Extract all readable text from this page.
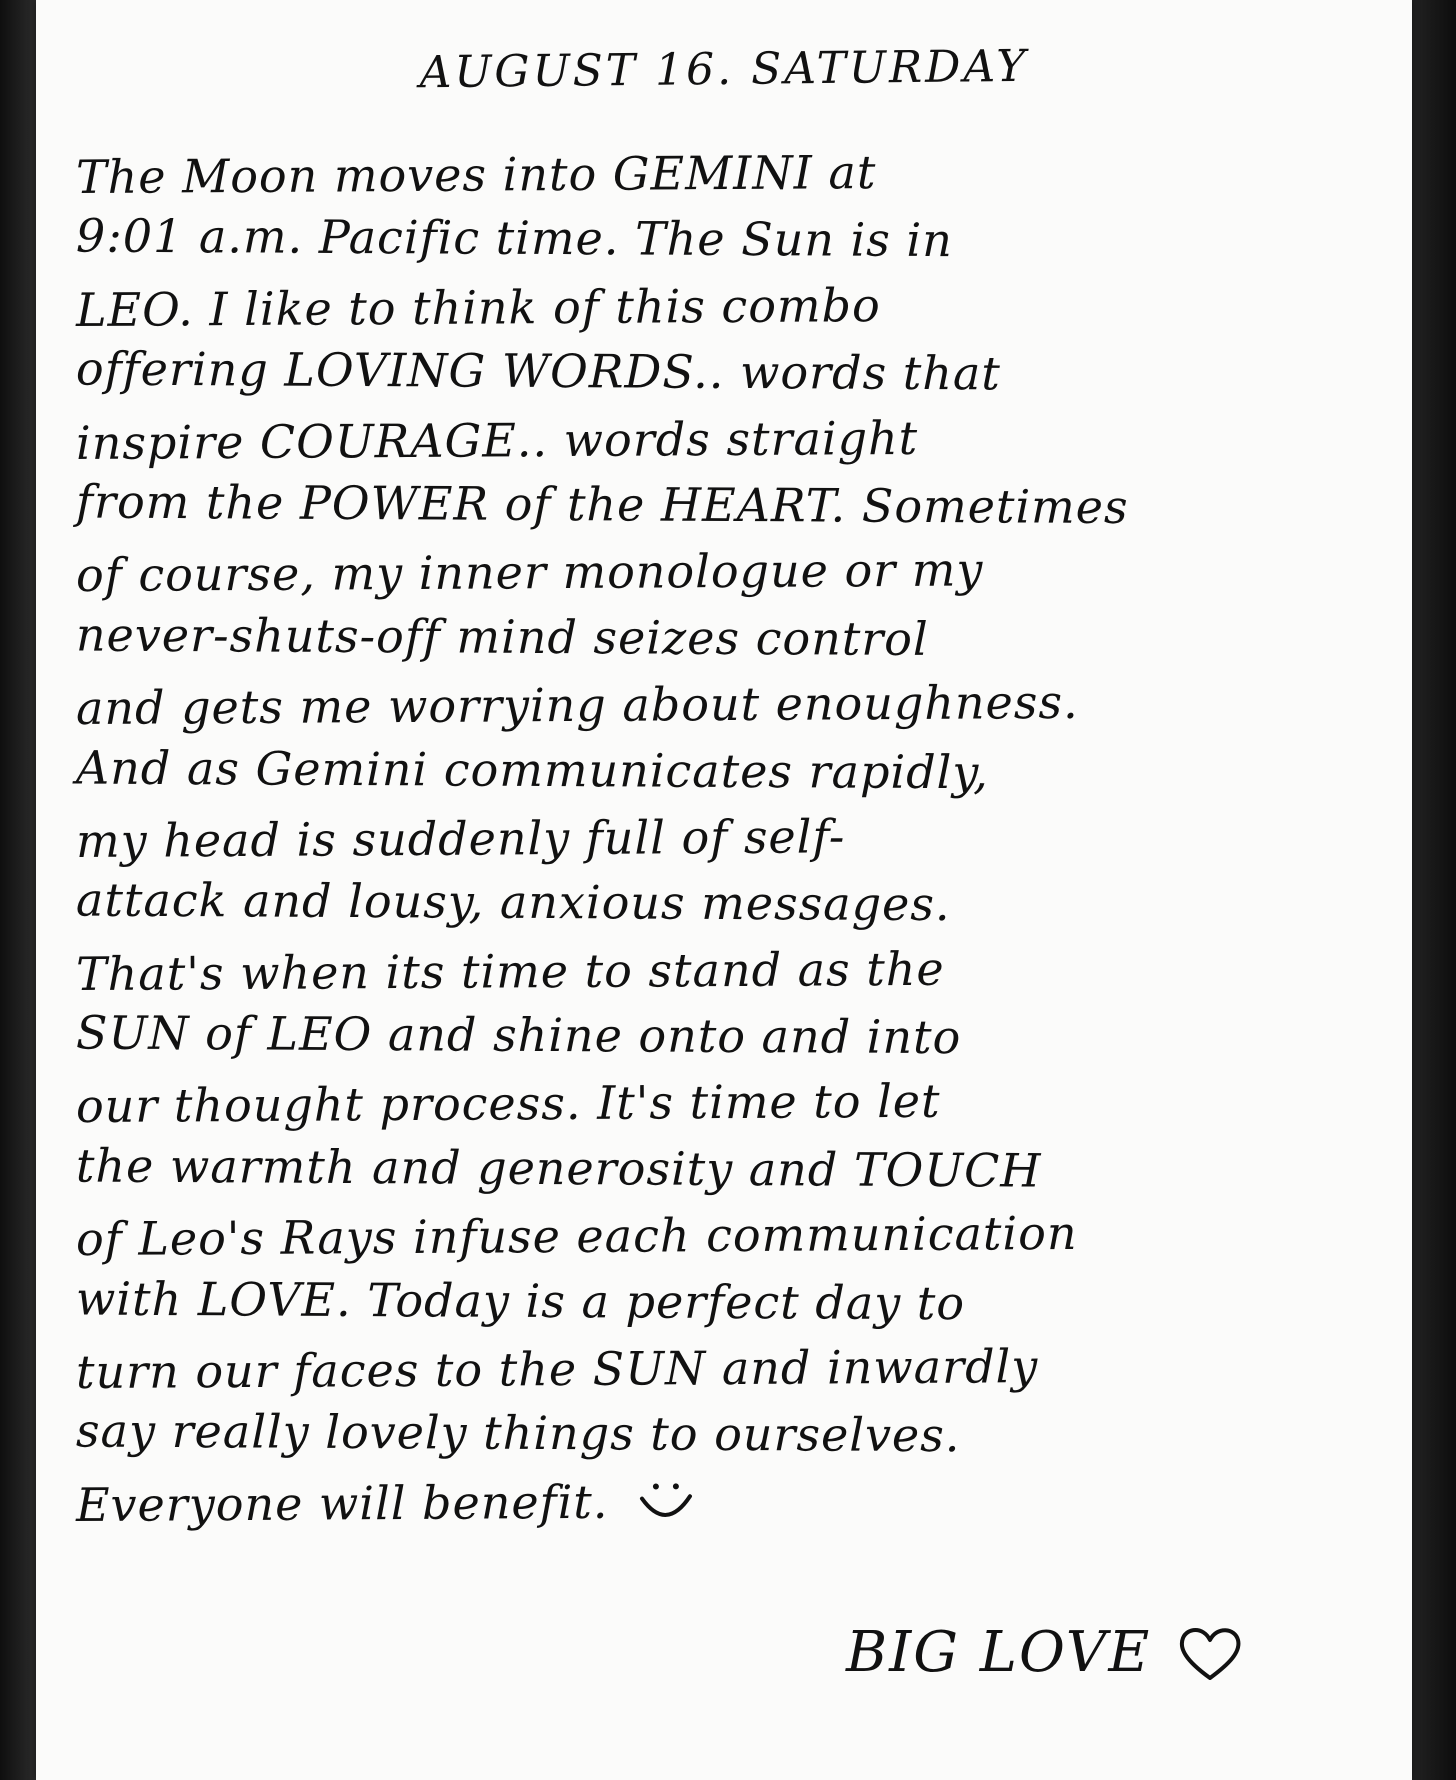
AUGUST 16. SATURDAY
The Moon moves into GEMINI at
9:01 a.m. Pacific time. The Sun is in
LEO. I like to think of this combo
offering LOVING WORDS.. words that
inspire COURAGE.. words straight
from the POWER of the HEART. Sometimes
of course, my inner monologue or my
never-shuts-off mind seizes control
and gets me worrying about enoughness.
And as Gemini communicates rapidly,
my head is suddenly full of self-
attack and lousy, anxious messages.
That's when its time to stand as the
SUN of LEO and shine onto and into
our thought process. It's time to let
the warmth and generosity and TOUCH
of Leo's Rays infuse each communication
with LOVE. Today is a perfect day to
turn our faces to the SUN and inwardly
say really lovely things to ourselves.
Everyone will benefit.
BIG LOVE
